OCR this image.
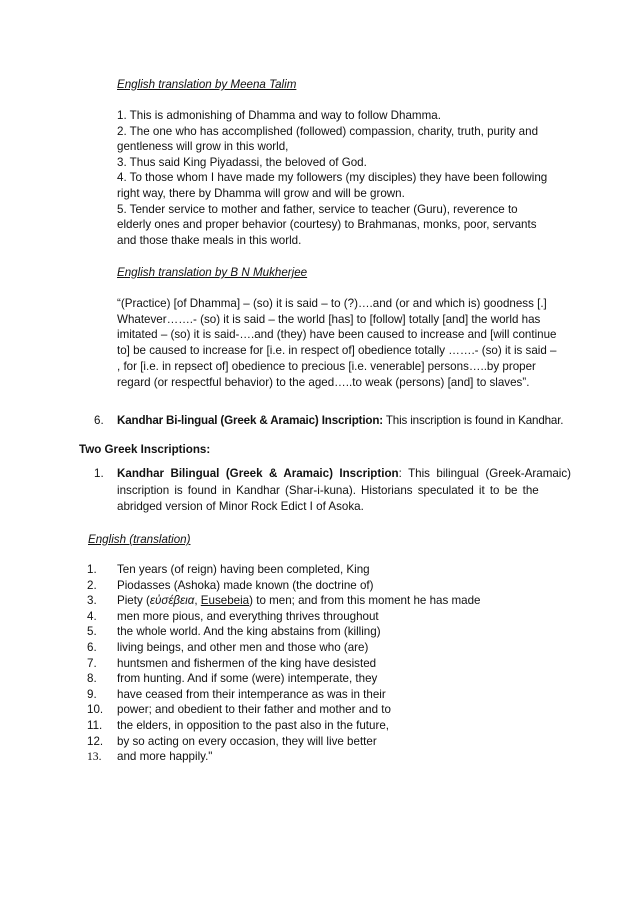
English translation by Meena Talim
1. This is admonishing of Dhamma and way to follow Dhamma.
2. The one who has accomplished (followed) compassion, charity, truth, purity and
gentleness will grow in this world,
3. Thus said King Piyadassi, the beloved of God.
4. To those whom I have made my followers (my disciples) they have been following
right way, there by Dhamma will grow and will be grown.
5. Tender service to mother and father, service to teacher (Guru), reverence to
elderly ones and proper behavior (courtesy) to Brahmanas, monks, poor, servants
and those thake meals in this world.
English translation by B N Mukherjee
“(Practice) [of Dhamma] – (so) it is said – to (?)….and (or and which is) goodness [.]
Whatever…….- (so) it is said – the world [has] to [follow] totally [and] the world has
imitated – (so) it is said-….and (they) have been caused to increase and [will continue
to] be caused to increase for [i.e. in respect of] obedience totally …….- (so) it is said –
, for [i.e. in repsect of] obedience to precious [i.e. venerable] persons…..by proper
regard (or respectful behavior) to the aged…..to weak (persons) [and] to slaves”.
6. Kandhar Bi-lingual (Greek & Aramaic) Inscription: This inscription is found in Kandhar.
Two Greek Inscriptions:
1. Kandhar Bilingual (Greek & Aramaic) Inscription: This bilingual (Greek-Aramaic)
inscription is found in Kandhar (Shar-i-kuna). Historians speculated it to be the
abridged version of Minor Rock Edict I of Asoka.
English (translation)
1.	Ten years (of reign) having been completed, King
2.	Piodasses (Ashoka) made known (the doctrine of)
3.	Piety (εὐσέβεια, Eusebeia) to men; and from this moment he has made
4.	men more pious, and everything thrives throughout
5.	the whole world. And the king abstains from (killing)
6.	living beings, and other men and those who (are)
7.	huntsmen and fishermen of the king have desisted
8.	from hunting. And if some (were) intemperate, they
9.	have ceased from their intemperance as was in their
10.	power; and obedient to their father and mother and to
11.	the elders, in opposition to the past also in the future,
12.	by so acting on every occasion, they will live better
13.	and more happily."
